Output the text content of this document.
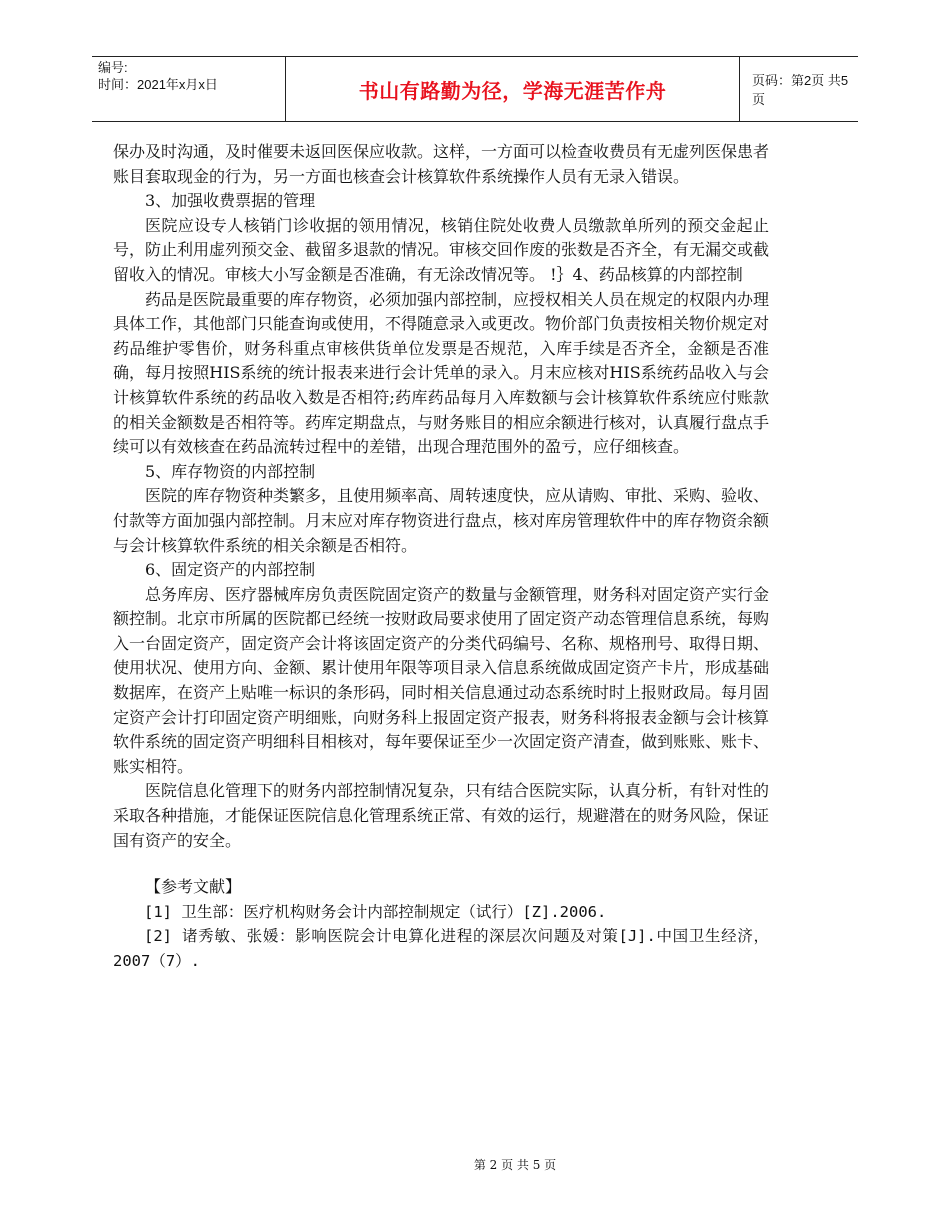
编号:
时间：2021年x月x日	书山有路勤为径，学海无涯苦作舟	页码：第2页 共5页

保办及时沟通，及时催要未返回医保应收款。这样，一方面可以检查收费员有无虚列医保患者账目套取现金的行为，另一方面也核查会计核算软件系统操作人员有无录入错误。

3、加强收费票据的管理

医院应设专人核销门诊收据的领用情况，核销住院处收费人员缴款单所列的预交金起止号，防止利用虚列预交金、截留多退款的情况。审核交回作废的张数是否齐全，有无漏交或截留收入的情况。审核大小写金额是否准确，有无涂改情况等。 !｝4、药品核算的内部控制

药品是医院最重要的库存物资，必须加强内部控制，应授权相关人员在规定的权限内办理具体工作，其他部门只能查询或使用，不得随意录入或更改。物价部门负责按相关物价规定对药品维护零售价，财务科重点审核供货单位发票是否规范，入库手续是否齐全，金额是否准确，每月按照HIS系统的统计报表来进行会计凭单的录入。月末应核对HIS系统药品收入与会计核算软件系统的药品收入数是否相符;药库药品每月入库数额与会计核算软件系统应付账款的相关金额数是否相符等。药库定期盘点，与财务账目的相应余额进行核对，认真履行盘点手续可以有效核查在药品流转过程中的差错，出现合理范围外的盈亏，应仔细核查。

5、库存物资的内部控制

医院的库存物资种类繁多，且使用频率高、周转速度快，应从请购、审批、采购、验收、付款等方面加强内部控制。月末应对库存物资进行盘点，核对库房管理软件中的库存物资余额与会计核算软件系统的相关余额是否相符。

6、固定资产的内部控制

总务库房、医疗器械库房负责医院固定资产的数量与金额管理，财务科对固定资产实行金额控制。北京市所属的医院都已经统一按财政局要求使用了固定资产动态管理信息系统，每购入一台固定资产，固定资产会计将该固定资产的分类代码编号、名称、规格刑号、取得日期、使用状况、使用方向、金额、累计使用年限等项目录入信息系统做成固定资产卡片，形成基础数据库，在资产上贴唯一标识的条形码，同时相关信息通过动态系统时时上报财政局。每月固定资产会计打印固定资产明细账，向财务科上报固定资产报表，财务科将报表金额与会计核算软件系统的固定资产明细科目相核对，每年要保证至少一次固定资产清查，做到账账、账卡、账实相符。

医院信息化管理下的财务内部控制情况复杂，只有结合医院实际，认真分析，有针对性的采取各种措施，才能保证医院信息化管理系统正常、有效的运行，规避潜在的财务风险，保证国有资产的安全。

【参考文献】

[1] 卫生部：医疗机构财务会计内部控制规定（试行）[Z].2006.

[2] 诸秀敏、张媛：影响医院会计电算化进程的深层次问题及对策[J].中国卫生经济，2007（7）.

第 2 页 共 5 页
